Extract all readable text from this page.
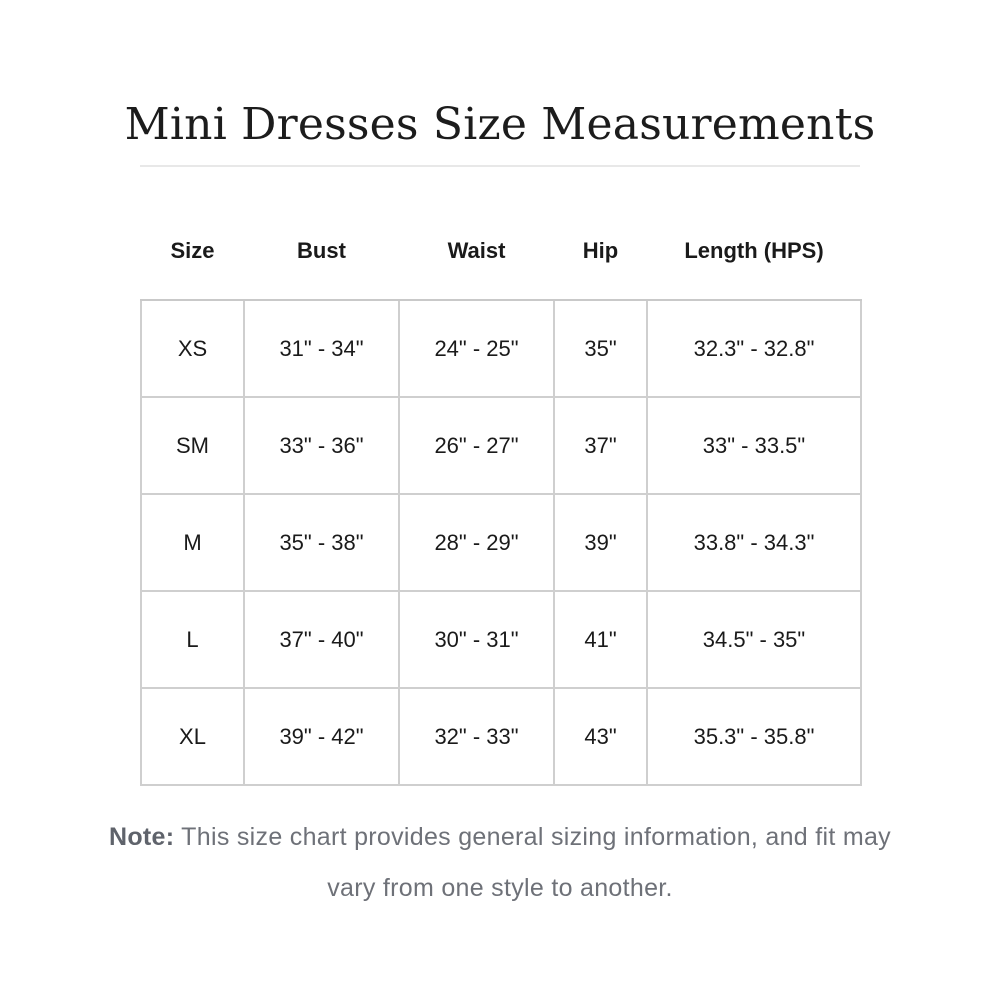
Mini Dresses Size Measurements
Size	Bust	Waist	Hip	Length (HPS)
XS	31" - 34"	24" - 25"	35"	32.3" - 32.8"
SM	33" - 36"	26" - 27"	37"	33" - 33.5"
M	35" - 38"	28" - 29"	39"	33.8" - 34.3"
L	37" - 40"	30" - 31"	41"	34.5" - 35"
XL	39" - 42"	32" - 33"	43"	35.3" - 35.8"

Note: This size chart provides general sizing information, and fit may vary from one style to another.
